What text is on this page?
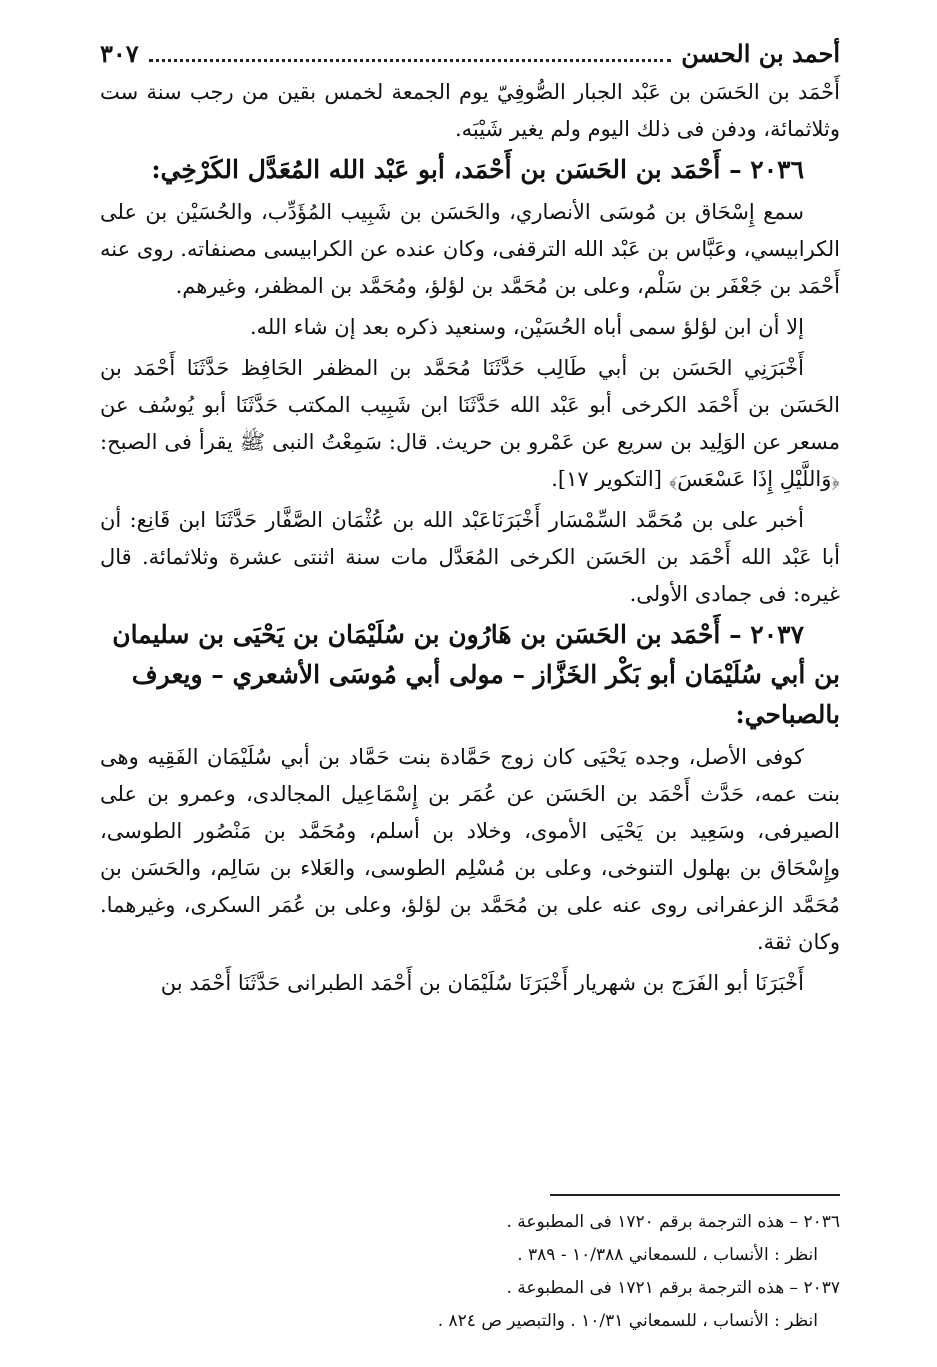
أحمد بن الحسن
٣٠٧

أَحْمَد بن الحَسَن بن عَبْد الجبار الصُّوفِيّ يوم الجمعة لخمس بقين من رجب سنة ست وثلاثمائة، ودفن فى ذلك اليوم ولم يغير شَيْبَه.

٢٠٣٦ – أَحْمَد بن الحَسَن بن أَحْمَد، أبو عَبْد الله المُعَدَّل الكَرْخِي:

سمع إِسْحَاق بن مُوسَى الأنصاري، والحَسَن بن شَبِيب المُؤَدِّب، والحُسَيْن بن على الكرابيسي، وعَبَّاس بن عَبْد الله الترقفى، وكان عنده عن الكرابيسى مصنفاته. روى عنه أَحْمَد بن جَعْفَر بن سَلْم، وعلى بن مُحَمَّد بن لؤلؤ، ومُحَمَّد بن المظفر، وغيرهم.

إلا أن ابن لؤلؤ سمى أباه الحُسَيْن، وسنعيد ذكره بعد إن شاء الله.

أَخْبَرَنِي الحَسَن بن أبي طَالِب حَدَّثَنَا مُحَمَّد بن المظفر الحَافِظ حَدَّثَنَا أَحْمَد بن الحَسَن بن أَحْمَد الكرخى أبو عَبْد الله حَدَّثَنَا ابن شَبِيب المكتب حَدَّثَنَا أبو يُوسُف عن مسعر عن الوَلِيد بن سريع عن عَمْرو بن حريث. قال: سَمِعْتُ النبى ﷺ يقرأ فى الصبح: ﴿وَاللَّيْلِ إِذَا عَسْعَسَ﴾ [التكوير ١٧].

أخبر على بن مُحَمَّد السِّمْسَار أَخْبَرَنَاعَبْد الله بن عُثْمَان الصَّفَّار حَدَّثَنَا ابن قَانِع: أن أبا عَبْد الله أَحْمَد بن الحَسَن الكرخى المُعَدَّل مات سنة اثنتى عشرة وثلاثمائة. قال غيره: فى جمادى الأولى.

٢٠٣٧ – أَحْمَد بن الحَسَن بن هَارُون بن سُلَيْمَان بن يَحْيَى بن سليمان بن أبي سُلَيْمَان أبو بَكْر الخَزَّاز – مولى أبي مُوسَى الأشعري – ويعرف بالصباحي:

كوفى الأصل، وجده يَحْيَى كان زوج حَمَّادة بنت حَمَّاد بن أبي سُلَيْمَان الفَقِيه وهى بنت عمه، حَدَّث أَحْمَد بن الحَسَن عن عُمَر بن إِسْمَاعِيل المجالدى، وعمرو بن على الصيرفى، وسَعِيد بن يَحْيَى الأموى، وخلاد بن أسلم، ومُحَمَّد بن مَنْصُور الطوسى، وإِسْحَاق بن بهلول التنوخى، وعلى بن مُسْلِم الطوسى، والعَلاء بن سَالِم، والحَسَن بن مُحَمَّد الزعفرانى روى عنه على بن مُحَمَّد بن لؤلؤ، وعلى بن عُمَر السكرى، وغيرهما. وكان ثقة.

أَخْبَرَنَا أبو الفَرَج بن شهريار أَخْبَرَنَا سُلَيْمَان بن أَحْمَد الطبرانى حَدَّثَنَا أَحْمَد بن

٢٠٣٦ – هذه الترجمة برقم ١٧٢٠ فى المطبوعة .
انظر : الأنساب ، للسمعاني ١٠/٣٨٨ - ٣٨٩ .
٢٠٣٧ – هذه الترجمة برقم ١٧٢١ فى المطبوعة .
انظر : الأنساب ، للسمعاني ١٠/٣١ . والتبصير ص ٨٢٤ .
